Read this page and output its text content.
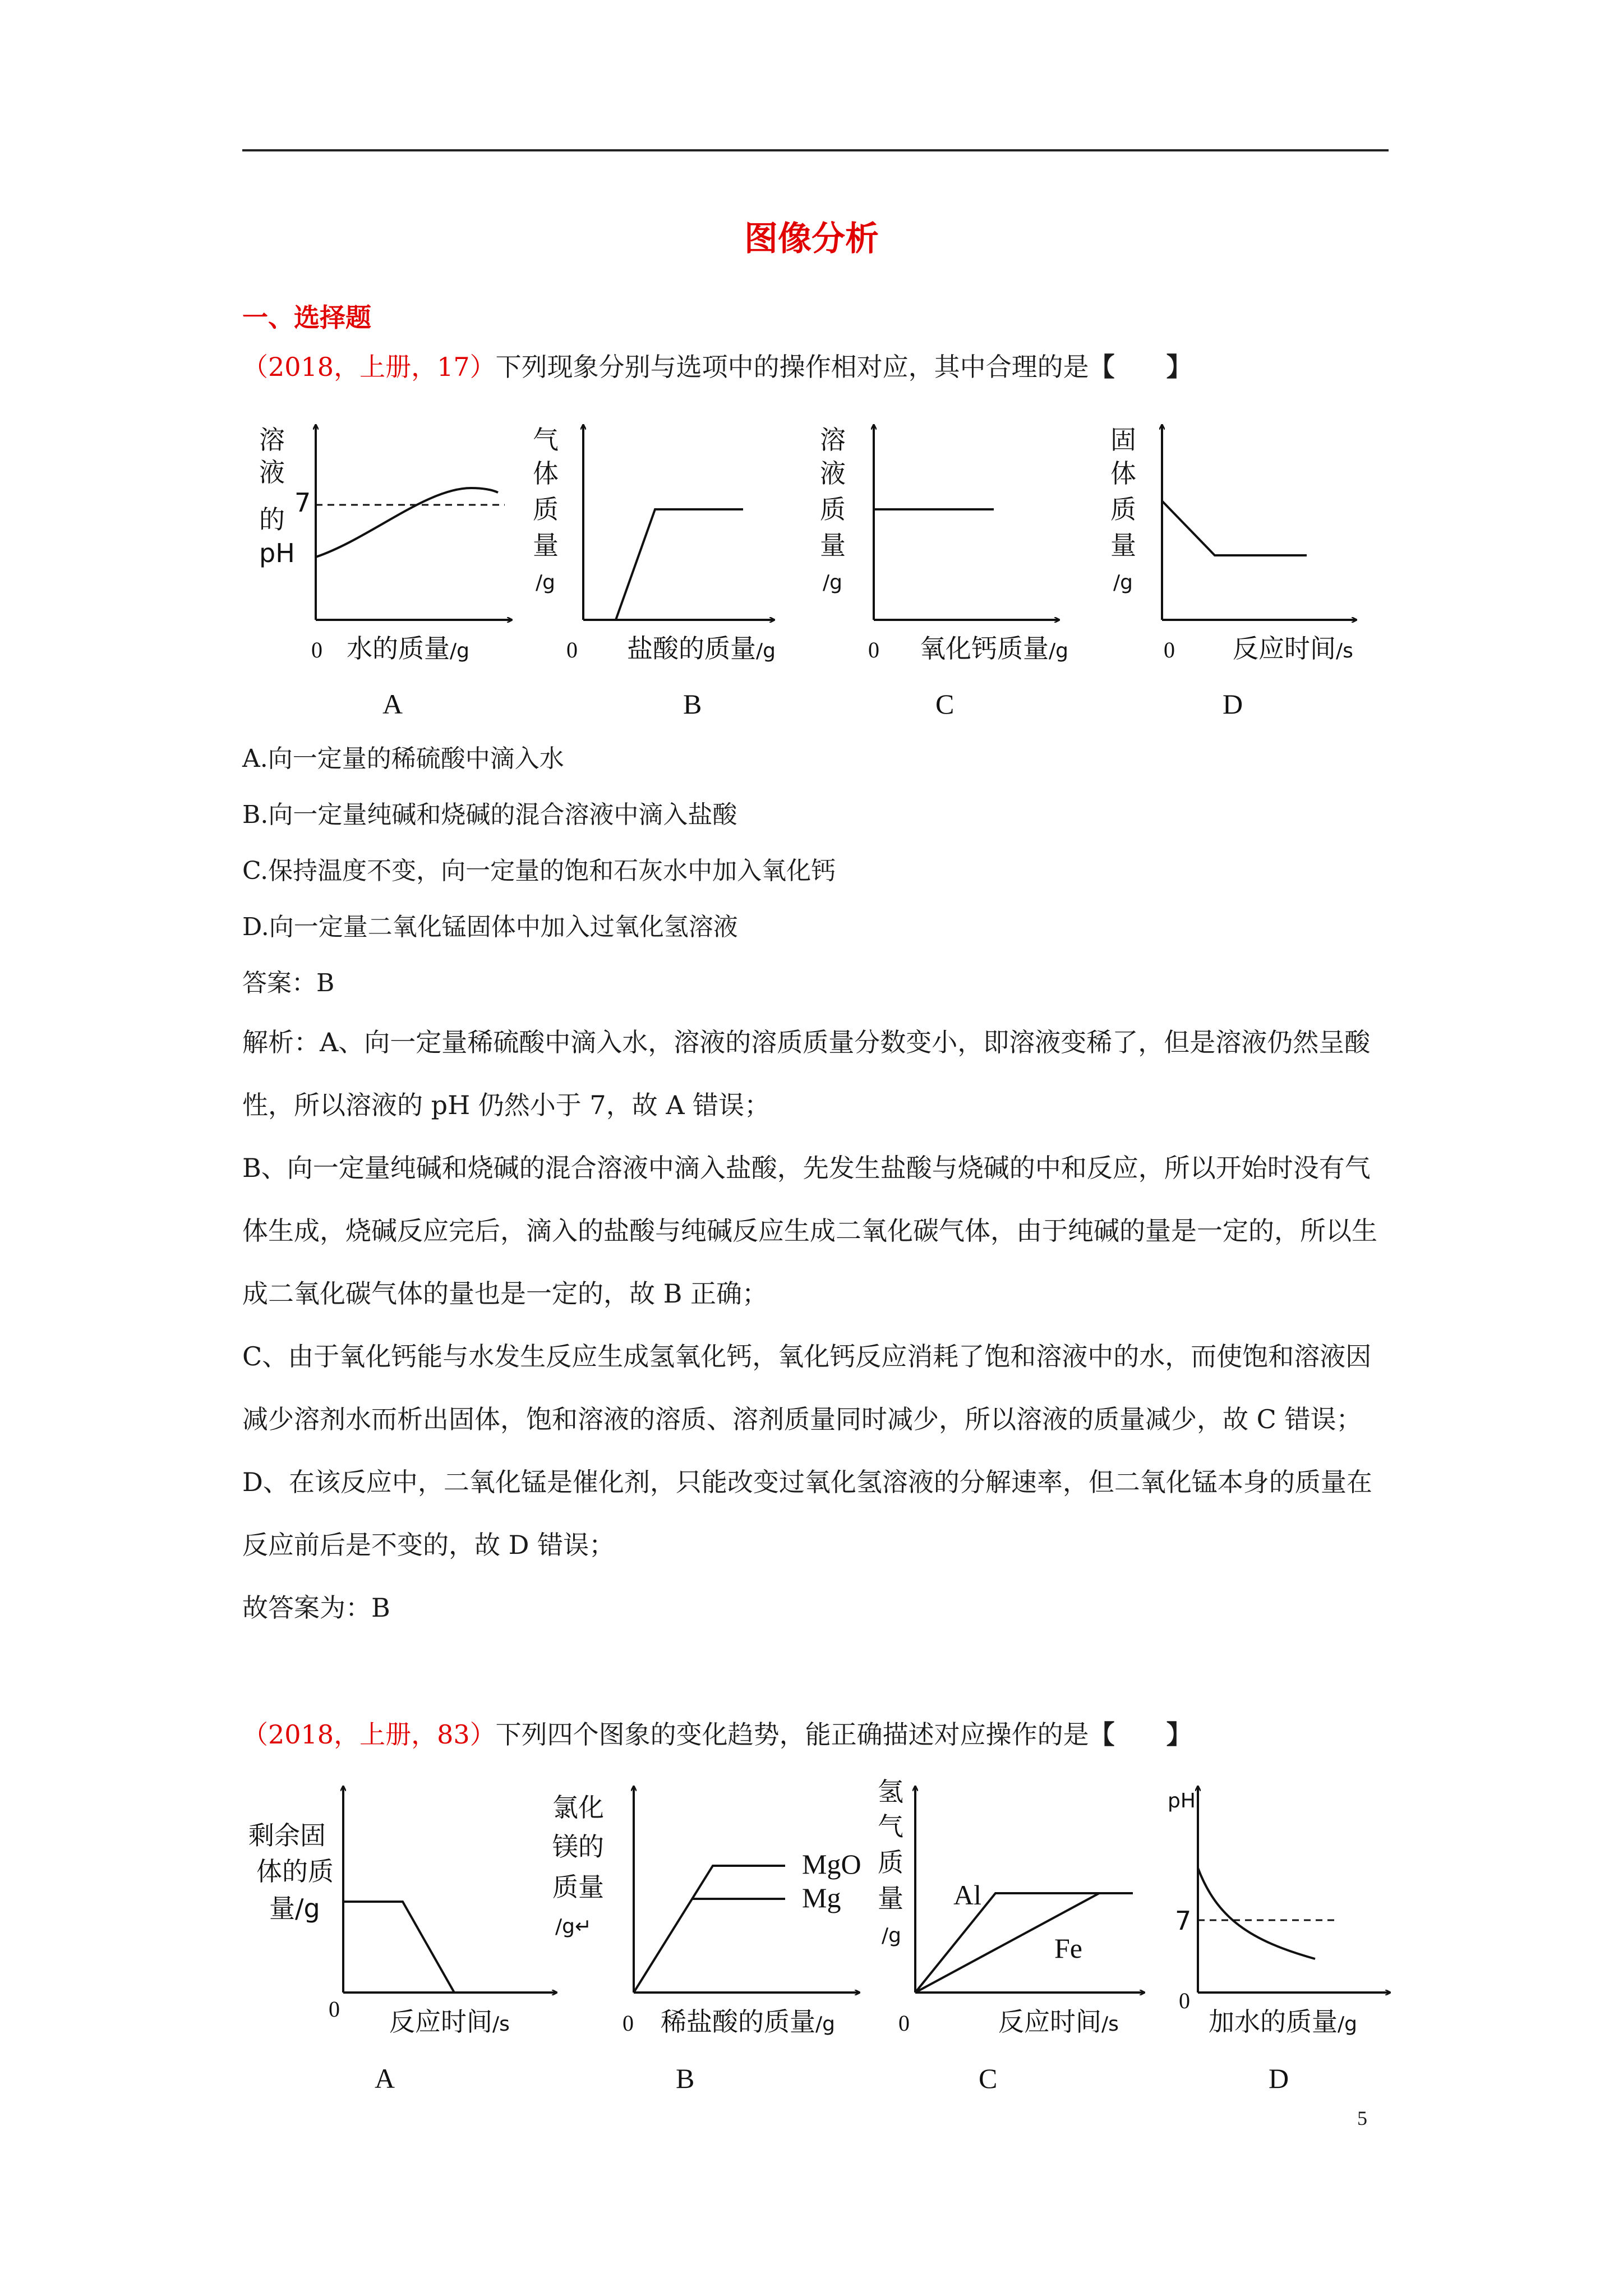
图像分析
一、选择题
（2018，上册，17）下列现象分别与选项中的操作相对应，其中合理的是【　　】
溶
液
的
pH
7
0 水的质量/g
A
气
体
质
量
/g
0 盐酸的质量/g
B
溶
液
质
量
/g
0 氧化钙质量/g
C
固
体
质
量
/g
0 反应时间/s
D
A.向一定量的稀硫酸中滴入水
B.向一定量纯碱和烧碱的混合溶液中滴入盐酸
C.保持温度不变，向一定量的饱和石灰水中加入氧化钙
D.向一定量二氧化锰固体中加入过氧化氢溶液
答案：B

解析：A、向一定量稀硫酸中滴入水，溶液的溶质质量分数变小，即溶液变稀了，但是溶液仍然呈酸性，所以溶液的 pH 仍然小于 7，故 A 错误；

B、向一定量纯碱和烧碱的混合溶液中滴入盐酸，先发生盐酸与烧碱的中和反应，所以开始时没有气体生成，烧碱反应完后，滴入的盐酸与纯碱反应生成二氧化碳气体，由于纯碱的量是一定的，所以生成二氧化碳气体的量也是一定的，故 B 正确；

C、由于氧化钙能与水发生反应生成氢氧化钙，氧化钙反应消耗了饱和溶液中的水，而使饱和溶液因减少溶剂水而析出固体，饱和溶液的溶质、溶剂质量同时减少，所以溶液的质量减少，故 C 错误；

D、在该反应中，二氧化锰是催化剂，只能改变过氧化氢溶液的分解速率，但二氧化锰本身的质量在反应前后是不变的，故 D 错误；

故答案为：B

（2018，上册，83）下列四个图象的变化趋势，能正确描述对应操作的是【　　】
剩余固
体的质
量/g
0 反应时间/s
A
氯化
镁的
质量
/g↵
MgO
Mg
0 稀盐酸的质量/g
B
氢
气
质
量
/g
Al
Fe
0	反应时间/s
C
pH
7
0
加水的质量/g
D
5
